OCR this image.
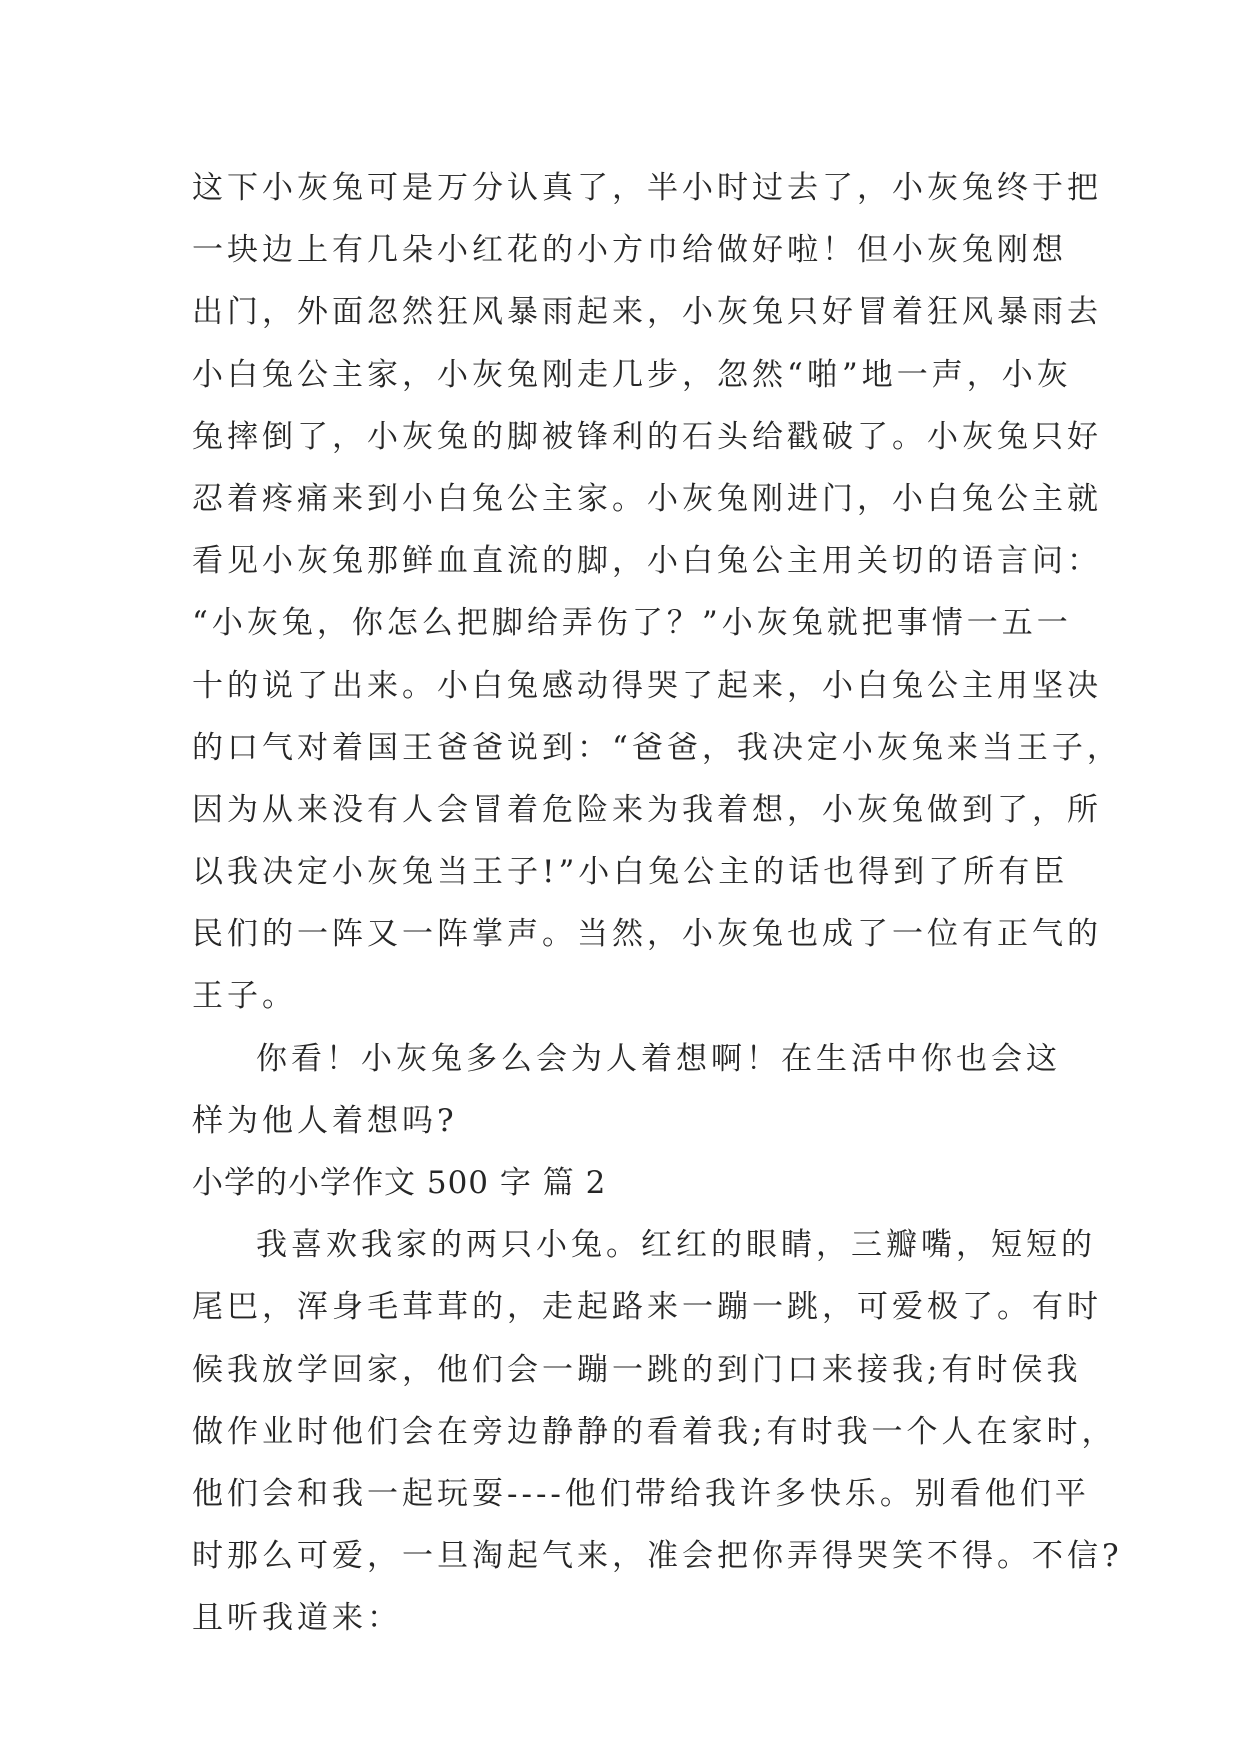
这下小灰兔可是万分认真了，半小时过去了，小灰兔终于把
一块边上有几朵小红花的小方巾给做好啦！但小灰兔刚想
出门，外面忽然狂风暴雨起来，小灰兔只好冒着狂风暴雨去
小白兔公主家，小灰兔刚走几步，忽然“啪”地一声，小灰
兔摔倒了，小灰兔的脚被锋利的石头给戳破了。小灰兔只好
忍着疼痛来到小白兔公主家。小灰兔刚进门，小白兔公主就
看见小灰兔那鲜血直流的脚，小白兔公主用关切的语言问：
“小灰兔，你怎么把脚给弄伤了？”小灰兔就把事情一五一
十的说了出来。小白兔感动得哭了起来，小白兔公主用坚决
的口气对着国王爸爸说到：“爸爸，我决定小灰兔来当王子，
因为从来没有人会冒着危险来为我着想，小灰兔做到了，所
以我决定小灰兔当王子!”小白兔公主的话也得到了所有臣
民们的一阵又一阵掌声。当然，小灰兔也成了一位有正气的
王子。
你看！小灰兔多么会为人着想啊！在生活中你也会这
样为他人着想吗?
小学的小学作文 500 字 篇 2
我喜欢我家的两只小兔。红红的眼睛，三瓣嘴，短短的
尾巴，浑身毛茸茸的，走起路来一蹦一跳，可爱极了。有时
候我放学回家，他们会一蹦一跳的到门口来接我;有时侯我
做作业时他们会在旁边静静的看着我;有时我一个人在家时，
他们会和我一起玩耍----他们带给我许多快乐。别看他们平
时那么可爱，一旦淘起气来，准会把你弄得哭笑不得。不信?
且听我道来：
